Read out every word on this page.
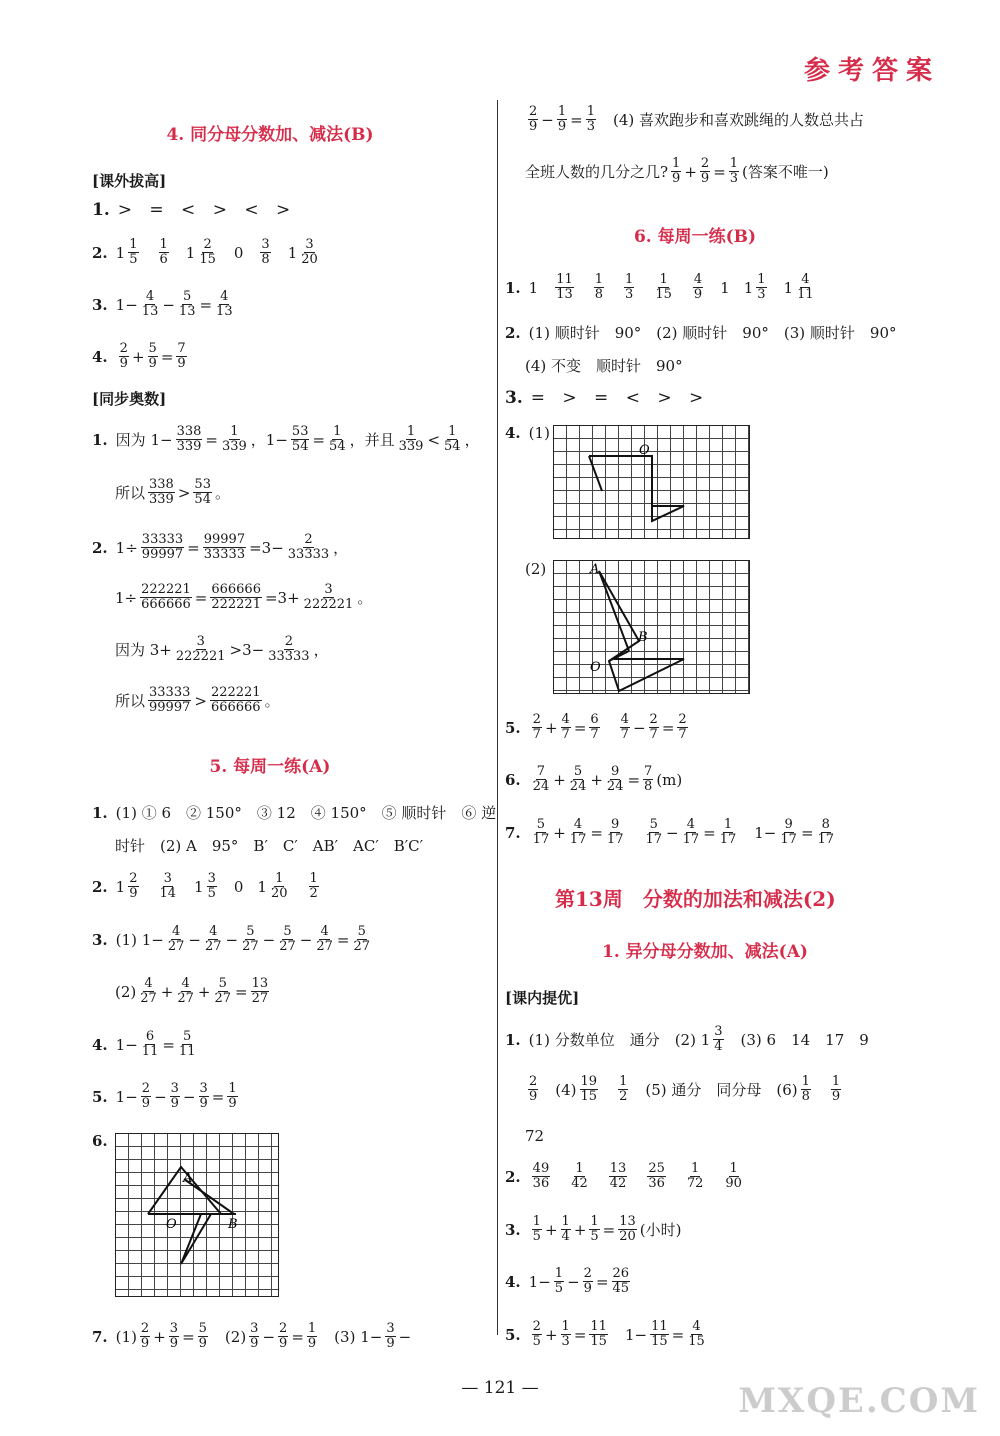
参考答案
4. 同分母分数加、减法(B)
[课外拔高]
1. > = < > < >
2. $1 \frac{1}{5} \frac{1}{6} 1 \frac{2}{15} 0 \frac{3}{8} 1 \frac{3}{20}$
3. $1- \frac{4}{13} - \frac{5}{13} = \frac{4}{13}$
4. $\frac{2}{9} + \frac{5}{9} = \frac{7}{9}$
[同步奥数]
1. 因为 $1- \frac{338}{339} = \frac{1}{339}$ ，$1- \frac{53}{54} = \frac{1}{54}$ ，并且 $\frac{1}{339} < \frac{1}{54}$ ，
所以 $\frac{338}{339} > \frac{53}{54}$ 。
2. $1\div \frac{33333}{99997} = \frac{99997}{33333} =3- \frac{2}{33333}$ ，
$1\div \frac{222221}{666666} = \frac{666666}{222221} =3+ \frac{3}{222221}$ 。
因为 $3+ \frac{3}{222221} >3- \frac{2}{33333}$ ，
所以 $\frac{33333}{99997} > \frac{222221}{666666}$ 。
5. 每周一练(A)
1. (1) ① 6　② 150°　③ 12　④ 150°　⑤ 顺时针　⑥ 逆
时针　(2) A　95°　B′　C′　AB′　AC′　B′C′
2. $1 \frac{2}{9} \frac{3}{14} 1 \frac{3}{5} 0$
$1 \frac{1}{20} \frac{1}{2}$
3. (1) $1- \frac{4}{27} - \frac{4}{27} - \frac{5}{27} - \frac{5}{27} - \frac{4}{27} = \frac{5}{27}$
$(2) \frac{4}{27} + \frac{4}{27} + \frac{5}{27} = \frac{13}{27}$
4. $1- \frac{6}{11} = \frac{5}{11}$
5. $1- \frac{2}{9} - \frac{3}{9} - \frac{3}{9} = \frac{1}{9}$
6.
A
O	B
7. $(1) \frac{2}{9} + \frac{3}{9} = \frac{5}{9} (2) \frac{3}{9} - \frac{2}{9} = \frac{1}{9} (3)$ $1- \frac{3}{9}$ −
$\frac{2}{9} - \frac{1}{9} = \frac{1}{3} (4)$ 喜欢跑步和喜欢跳绳的人数总共占
全班人数的几分之几? $\frac{1}{9} + \frac{2}{9} = \frac{1}{3}$ (答案不唯一)
6. 每周一练(B)
1. $1 \frac{11}{13} \frac{1}{8} \frac{1}{3} \frac{1}{15} \frac{4}{9} 1$
$1 \frac{1}{3} 1 \frac{4}{11}$
2. (1) 顺时针　90°　(2) 顺时针　90°　(3) 顺时针　90°
(4) 不变　顺时针　90°
3. = > = < > >
4. (1)
O
(2)	A
B
O
5. $\frac{2}{7} + \frac{4}{7} = \frac{6}{7} \frac{4}{7} - \frac{2}{7} = \frac{2}{7}$
6. $\frac{7}{24} + \frac{5}{24} + \frac{9}{24} = \frac{7}{8} (m)$
7. $\frac{5}{17} + \frac{4}{17} = \frac{9}{17} \frac{5}{17} - \frac{4}{17} = \frac{1}{17} 1- \frac{9}{17} = \frac{8}{17}$
第13周　分数的加法和减法(2)
1. 异分母分数加、减法(A)
[课内提优]
1. (1) 分数单位　通分　(2) $1 \frac{3}{4} (3)$ 6　14　17　9
$\frac{2}{9} (4) \frac{19}{15} \frac{1}{2} (5)$ 通分　同分母　$(6) \frac{1}{8} \frac{1}{9}$
72
2. $\frac{49}{36} \frac{1}{42} \frac{13}{42} \frac{25}{36} \frac{1}{72} \frac{1}{90}$
3. $\frac{1}{5} + \frac{1}{4} + \frac{1}{5} = \frac{13}{20}$ (小时)
4. $1- \frac{1}{5} - \frac{2}{9} = \frac{26}{45}$
5. $\frac{2}{5} + \frac{1}{3} = \frac{11}{15} 1- \frac{11}{15} = \frac{4}{15}$
— 121 —	MXQE.COM
